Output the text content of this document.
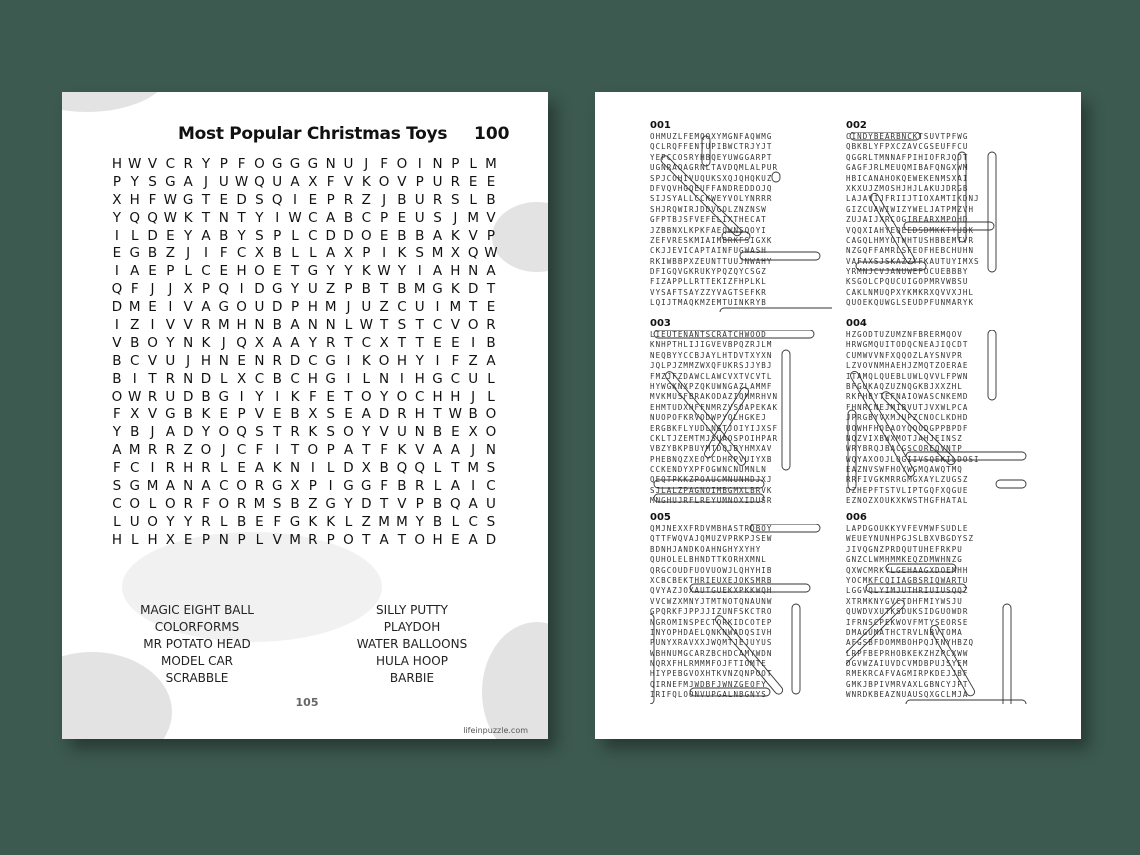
Most Popular Christmas Toys 100
H W V C R Y P F O G G G N U J F O I N P L M
P Y S G A J U W Q U A X F V K O V P U R E E
X H F W G T E D S Q I E P R Z J B U R S L B
Y Q Q W K T N T Y I W C A B C P E U S J M V
I L D E Y A B Y S P L C D D O E B B A K V P
E G B Z J	I F C X B L L A X P I K S M X Q W
I A E P L C E H O E T G Y Y K W Y I A H N A
Q F J	J X P Q I D G Y U Z P B T B M G K D T
D M E I V A G O U D P H M J U Z C U I M T E
I Z I V V R M H N B A N N L W T S T C V O R
V B O Y N K J Q X A A Y R T C X T T E E I B
B C V U J H N E N R D C G I K O H Y I F Z A
B I T R N D L X C B C H G I L N I H G C U L
O W R U D B G I Y I K F E T O Y O C H H J L
F X V G B K E P V E B X S E A D R H T W B O
Y B J A D Y O Q S T R K S O Y V U N B E X O
A M R R Z O J C F I T O P A T F K V A A J N
F C I R H R L E A K N I L D X B Q Q L T M S
S G M A N A C O R G X P I G G F B R L A I C
C O L O R F O R M S B Z G Y D T V P B Q A U
L U O Y Y R L B E F G K K L Z M M Y B L C S
H L H X E P N P L V M R P O T A T O H E A D
MAGIC EIGHT BALL
COLORFORMS
MR POTATO HEAD
MODEL CAR
SCRABBLE
SILLY PUTTY
PLAYDOH
WATER BALLOONS
HULA HOOP
BARBIE
105
lifeinpuzzle.com
001
OHMUZLFEMQOXYMGNFAQWMG
QCLRQFFENTUPIBWCTRJYJT
YEPCCOSRYHBQEYUWGGARPT
UGNRAOAGRNLTAVDQMLALPUR
SPJCOHIVUQUKSXQJQHQKUZ
DFVQVHGQEUFFANDREDDOJQ
SIJSYALLCCKWEYVOLYNRRR
SHJRQWIRJDDVGOLZNZNSW
GFPTBJSFVEFELIXTHECAT
JZBBNXLKPKFAEQWNSQOYI
ZEFVRESKMIAIMBRKFSIGXK
CKJJEVICAPTAINFUGWASH
RKIWBBPXZEUNTTUUJNWAHY
DFIGQVGKRUKYPQZQYCSGZ
FIZAPPLLRTTEKIZFHPLKL
VYSAFTSAYZZYVAGTSEFKR
LQIJTMAQKMZEMTUINKRYB
002
CINDYBEARBNCKTSUVTPFWG
QBKBLYFPXCZAVCGSEUFFCU
QGGRLTMNNAFPIHIOFRJQOT
GAGFJRLMEUQMIBAFQNGXWM
HBICANAHOKQEWEKENMSXAI
XKXUJZMOSHJHJLAKUJDRGB
LAJAVIJFRIIJTIOXAMTIKDNJ
GIZCUAWIWIZYWELJATPMZVH
ZUJAIJXRCOGIBEARXMPOHD
VQQXIAHYEQEEDSDMKKTYUBK
CAGQLHMYOTWHTUSHBBEMTVR
NZGQFFAMRLSFEOFHEBCHUHN
VAFAXSJSKAZZYFKAUTUYIMXS
YRMNJCVJANUWEFOCUEBBBY
KSGOLCPQUCUIGOPMRVWBSU
CAKLNMUQPXYKMKRXQVVXJHL
QUOEKQUWGLSEUDPFUNMARYK
003
LIEUTENANTSCRATCHWOOD
KNHPTHLIJIGVEVBPQZRJLM
NEQBYYCCBJAYLHTDVTXYXN
JQLPJZMMZWXQFUKRSJJYBJ
FMZJFZDAWCLAWCVXTVCVTL
HYWGKNXPZQKUWNGAZLAMMF
MVKMUSFBRAKODAZIQMMRHVN
EHMTUDXHFFNMRZVSOAPEKAK
NUOPOFKRVODWPYQLHGKEJ
ERGBKFLYUDLNGTJOIYIJXSF
CKLTJZEMTMJSUAOSPOIHPAR
VBZYBKPBUYMTDQJBYHMXAV
PHEBNQZXEOYCDHRPVUIYXB
CCKENDYXPFOGWNCNUMNLN
QEQTPKKZPOAUCMNUNHDJXJ
SJLALZPAGNOIMBGMXLBRVK
MNGHUJRFLREYUMNOXIDUSR
004
HZGODTUZUMZNFBRERMQOV
HRWGMQUITODQCNEAJIQCDT
CUMWVVNFXQQOZLAYSNVPR
LZVOVNMHAEHJZMQTZOERAE
ITAMQLQUEBLUWLQVVLFPWN
BFGUKAQZUZNQGKBJXXZHL
RKFHBYTEFNAIOWASCNKEMD
FHNRCNEJMIBVUTJVXWLPCA
JPRGBYVXMJUPZCNOCLKDHD
UOWHFHOEAOYQOODGPPBPDF
NQZVIXBWXMOTJAHJEINSZ
WRYBRQJBACGSCOREQVNTP
WQYAXOOJLOGIIVSQEKILDOSI
EAZNVSWFHOYWGMQAWQTMQ
RRFIVGKMRRGMGXAYLZUGSZ
DZHEPFTSTVLIPTGQFXQGUE
EZNOZXOUKXKWSTHGFHATAL
005
QMJNEXXFRDVMBHASTROBOY
QTTFWQVAJQMUZVPRKPJSEW
BDNHJANDKOAHNGHYXYHY
QUHOLELBHNDTTKORHXMNL
QRGCOUDFUOVUOWJLQHYHIB
XCBCBEKTHRIEUXEJOKSMRB
QVYAZJOXAUTGUEKXPKKWQH
VVCWZXMNYJTMTNOTQNAUNW
GPQRKFJPPJJIZUNFSKCTRO
NGROMINSPECTORKIDCOTEP
INYOPHDAELQNKNWADQSIVH
PUNYXRAVXXJWQMTJEJUYUS
WBHNUMGCARZBCHDCAMYWDN
NQRXFHLRMMMFOJFTIOMTE
HIYPEBGVOXHTKVNZQNPOOT
QIRNEFMJWDBFJWNZGEOFY
IRIFQLOONVUPGALNBGNYS
006
LAPDGOUKKYVFEVMWFSUDLE
WEUEYNUNHPGJSLBXVBGDYSZ
JIVQGNZPRDQUTUHEFRKPU
GNZCLWMHMMKEQZDMWHNZG
QXWCMRKYLGEHAAGXDOEMHH
YOCMKFCQIIAGBSRIQWARTU
LGGVQLYIMJUTHRIUIUSQQZ
XTRMKNYGVCTDHFMIYWSJU
QUWDVXUTKSDUKSIDGUOWDR
IFRNSCPEKWOVFMTYSEORSE
DMAGUMATHCTRVLNBVTOMA
AFGSBFDOMMBOHPQJFNYHBZQ
LRPFBEPRHOBKEKZHZPCXWW
DGVWZAIUVDCVMDBPUJSYEM
RMEKRCAFVAGMIRPKDEJJBF
GMKJBPIVMRVAXLGBNCYJPT
WNRDKBEAZNUAUSQXGCLMJA
